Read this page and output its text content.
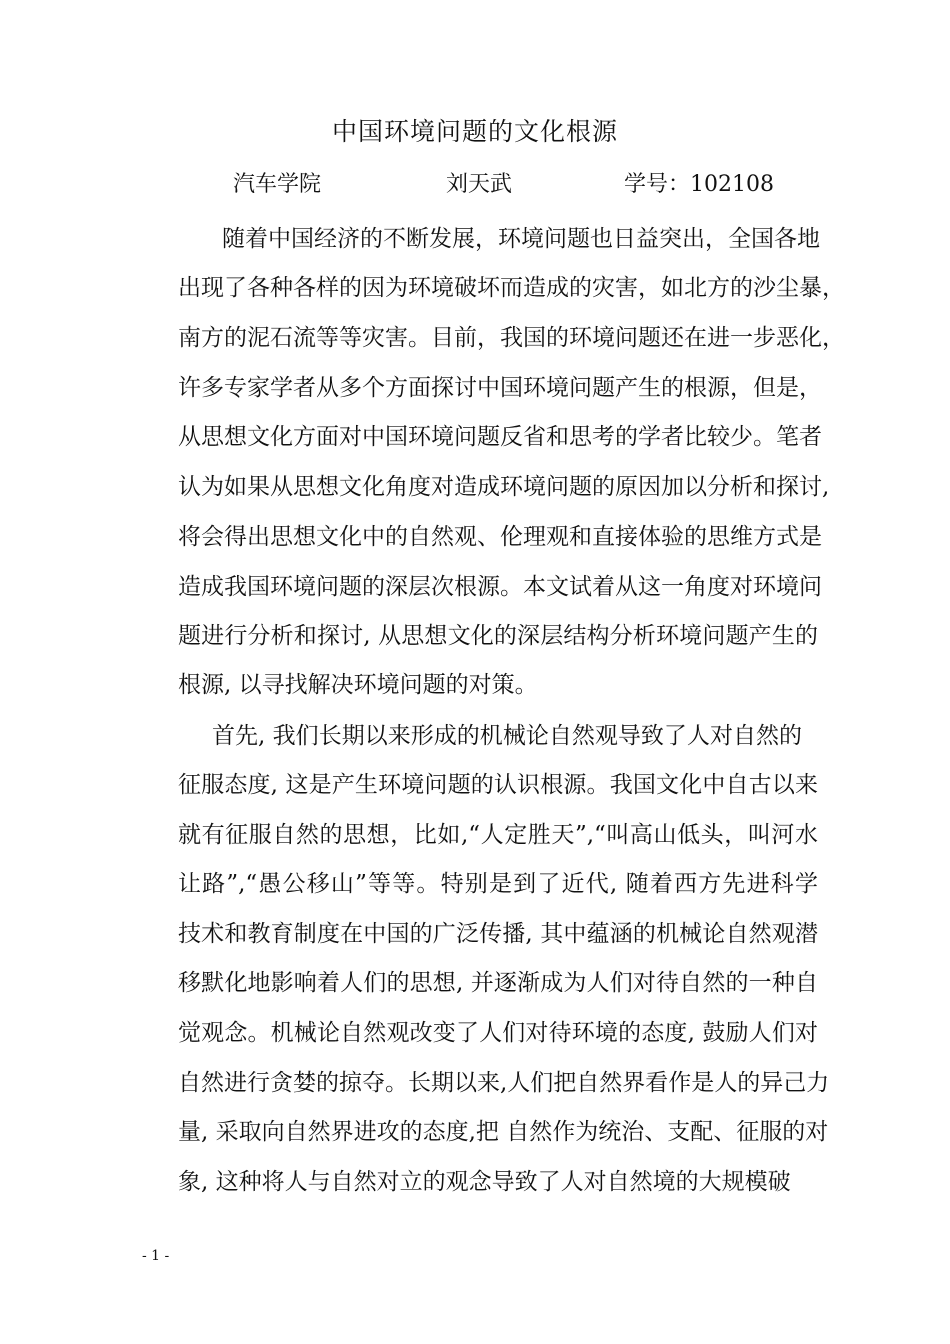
中国环境问题的文化根源
汽车学院	刘天武	学号：102108
随着中国经济的不断发展，环境问题也日益突出，全国各地
出现了各种各样的因为环境破坏而造成的灾害，如北方的沙尘暴，
南方的泥石流等等灾害。目前，我国的环境问题还在进一步恶化，
许多专家学者从多个方面探讨中国环境问题产生的根源，但是，
从思想文化方面对中国环境问题反省和思考的学者比较少。笔者
认为如果从思想文化角度对造成环境问题的原因加以分析和探讨,
将会得出思想文化中的自然观、伦理观和直接体验的思维方式是
造成我国环境问题的深层次根源。本文试着从这一角度对环境问
题进行分析和探讨, 从思想文化的深层结构分析环境问题产生的
根源, 以寻找解决环境问题的对策。
首先, 我们长期以来形成的机械论自然观导致了人对自然的
征服态度, 这是产生环境问题的认识根源。我国文化中自古以来
就有征服自然的思想，比如,“人定胜天”,“叫高山低头，叫河水
让路”,“愚公移山”等等。特别是到了近代, 随着西方先进科学
技术和教育制度在中国的广泛传播, 其中蕴涵的机械论自然观潜
移默化地影响着人们的思想, 并逐渐成为人们对待自然的一种自
觉观念。机械论自然观改变了人们对待环境的态度, 鼓励人们对
自然进行贪婪的掠夺。长期以来,人们把自然界看作是人的异己力
量, 采取向自然界进攻的态度,把 自然作为统治、支配、征服的对
象, 这种将人与自然对立的观念导致了人对自然境的大规模破
- 1 -
